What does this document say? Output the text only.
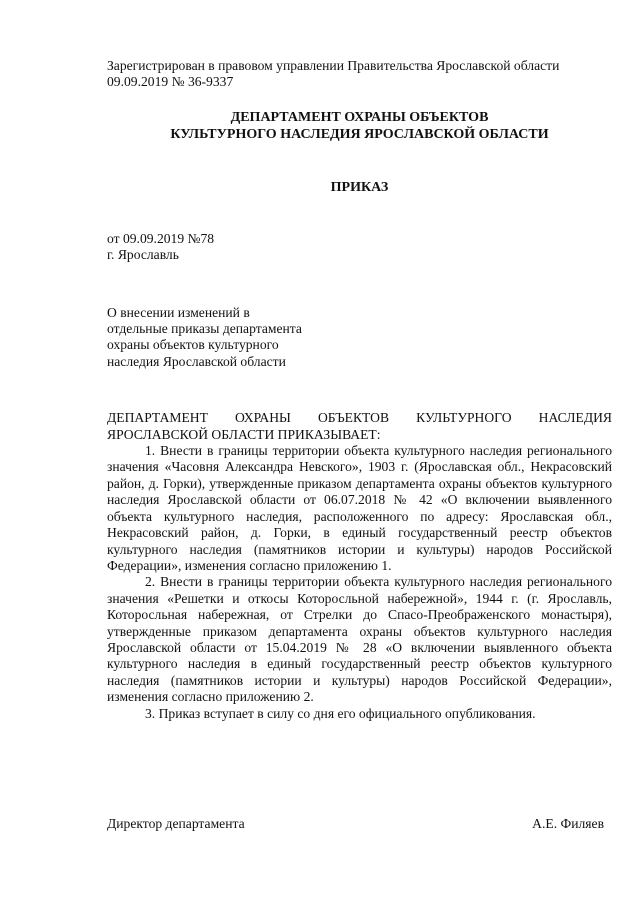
Зарегистрирован в правовом управлении Правительства Ярославской области

09.09.2019 № 36-9337

ДЕПАРТАМЕНТ ОХРАНЫ ОБЪЕКТОВ
КУЛЬТУРНОГО НАСЛЕДИЯ ЯРОСЛАВСКОЙ ОБЛАСТИ
ПРИКАЗ
от 09.09.2019 №78
г. Ярославль
О внесении изменений в
отдельные приказы департамента
охраны объектов культурного
наследия Ярославской области

ДЕПАРТАМЕНТ ОХРАНЫ ОБЪЕКТОВ КУЛЬТУРНОГО НАСЛЕДИЯ ЯРОСЛАВСКОЙ ОБЛАСТИ ПРИКАЗЫВАЕТ:

1. Внести в границы территории объекта культурного наследия регионального значения «Часовня Александра Невского», 1903 г. (Ярославская обл., Некрасовский район, д. Горки), утвержденные приказом департамента охраны объектов культурного наследия Ярославской области от 06.07.2018 № 42 «О включении выявленного объекта культурного наследия, расположенного по адресу: Ярославская обл., Некрасовский район, д. Горки, в единый государственный реестр объектов культурного наследия (памятников истории и культуры) народов Российской Федерации», изменения согласно приложению 1.

2. Внести в границы территории объекта культурного наследия регионального значения «Решетки и откосы Которосльной набережной», 1944 г. (г. Ярославль, Которосльная набережная, от Стрелки до Спасо-Преображенского монастыря), утвержденные приказом департамента охраны объектов культурного наследия Ярославской области от 15.04.2019 № 28 «О включении выявленного объекта культурного наследия в единый государственный реестр объектов культурного наследия (памятников истории и культуры) народов Российской Федерации», изменения согласно приложению 2.

3. Приказ вступает в силу со дня его официального опубликования.

Директор департамента	А.Е. Филяев
